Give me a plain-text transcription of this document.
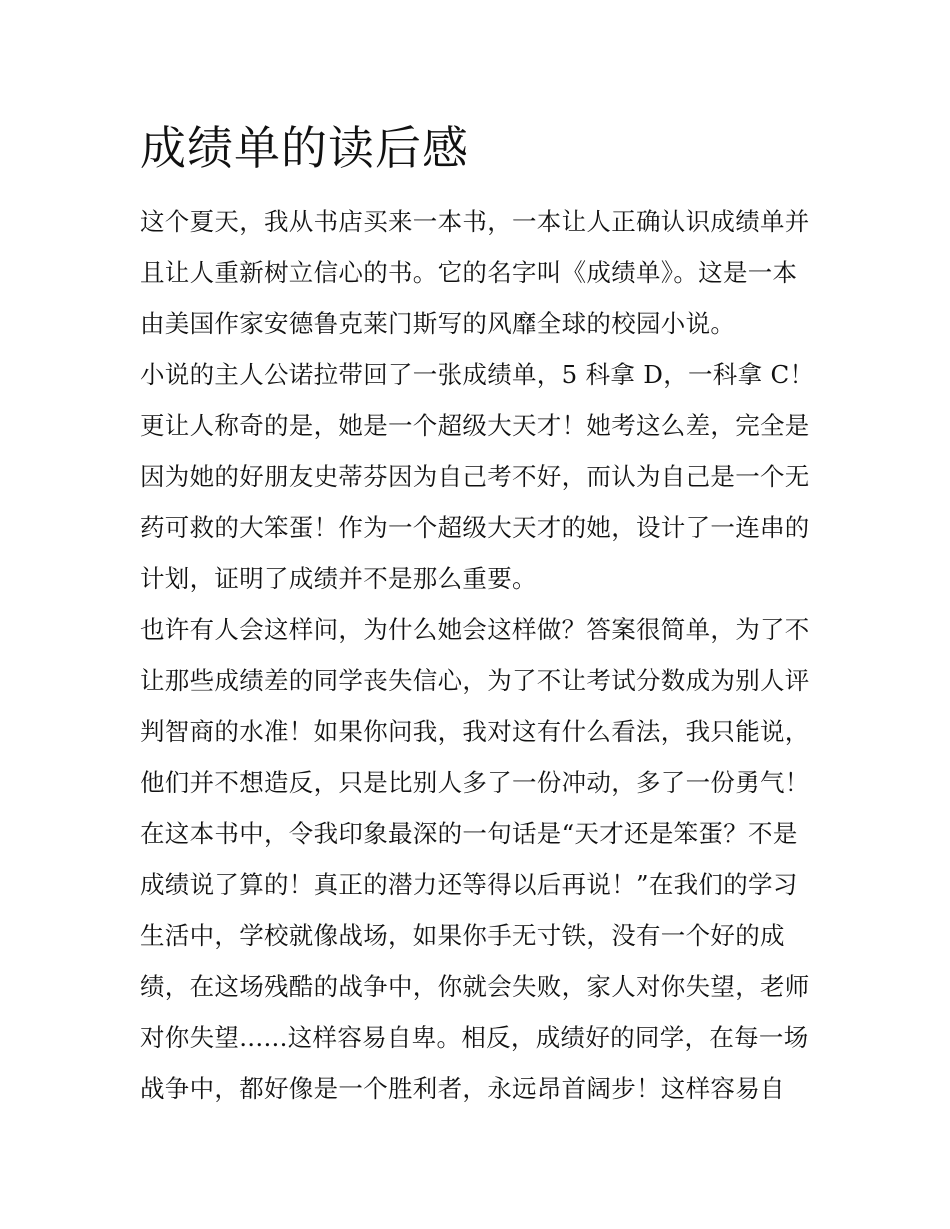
成绩单的读后感
这个夏天，我从书店买来一本书，一本让人正确认识成绩单并
且让人重新树立信心的书。它的名字叫《成绩单》。这是一本
由美国作家安德鲁克莱门斯写的风靡全球的校园小说。
小说的主人公诺拉带回了一张成绩单，5 科拿 D，一科拿 C！
更让人称奇的是，她是一个超级大天才！她考这么差，完全是
因为她的好朋友史蒂芬因为自己考不好，而认为自己是一个无
药可救的大笨蛋！作为一个超级大天才的她，设计了一连串的
计划，证明了成绩并不是那么重要。
也许有人会这样问，为什么她会这样做？答案很简单，为了不
让那些成绩差的同学丧失信心，为了不让考试分数成为别人评
判智商的水准！如果你问我，我对这有什么看法，我只能说，
他们并不想造反，只是比别人多了一份冲动，多了一份勇气！
在这本书中，令我印象最深的一句话是“天才还是笨蛋？不是
成绩说了算的！真正的潜力还等得以后再说！”在我们的学习
生活中，学校就像战场，如果你手无寸铁，没有一个好的成
绩，在这场残酷的战争中，你就会失败，家人对你失望，老师
对你失望......这样容易自卑。相反，成绩好的同学，在每一场
战争中，都好像是一个胜利者，永远昂首阔步！这样容易自
